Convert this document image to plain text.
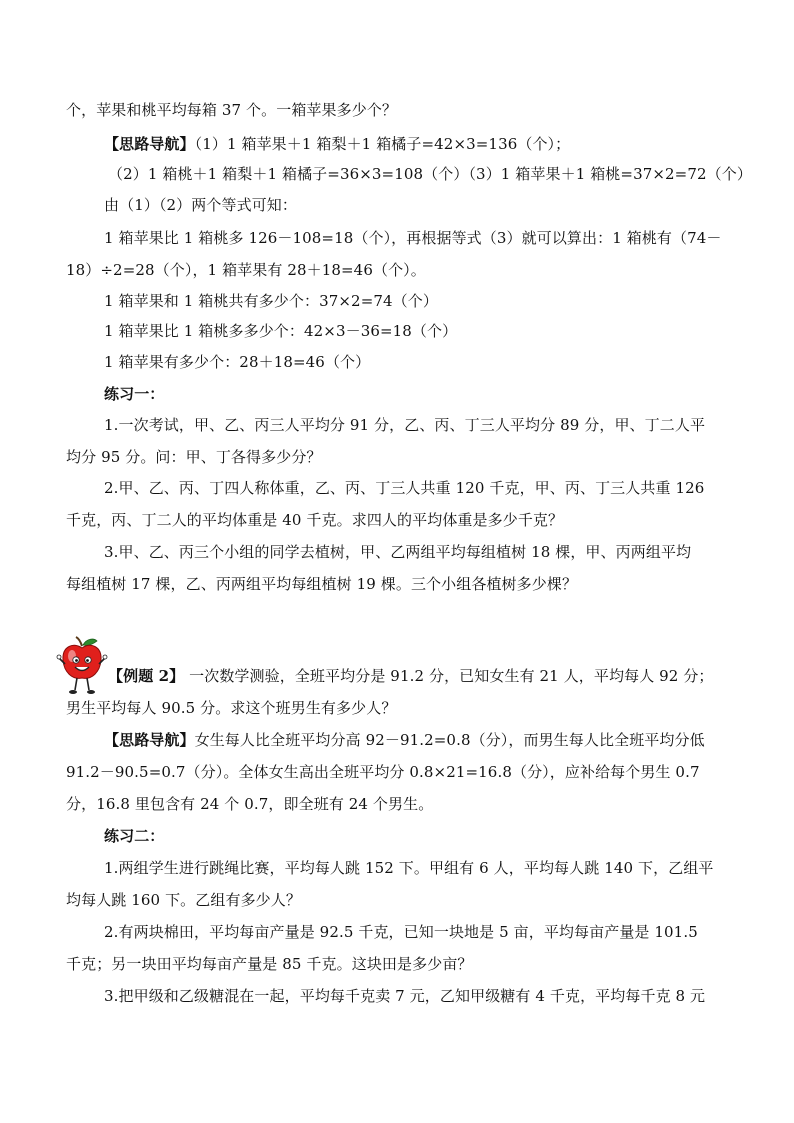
个，苹果和桃平均每箱 37 个。一箱苹果多少个？
【思路导航】（1）1 箱苹果＋1 箱梨＋1 箱橘子=42×3=136（个）；
（2）1 箱桃＋1 箱梨＋1 箱橘子=36×3=108（个）（3）1 箱苹果＋1 箱桃=37×2=72（个）
由（1）（2）两个等式可知：
1 箱苹果比 1 箱桃多 126－108=18（个），再根据等式（3）就可以算出：1 箱桃有（74－
18）÷2=28（个），1 箱苹果有 28＋18=46（个）。
1 箱苹果和 1 箱桃共有多少个：37×2=74（个）
1 箱苹果比 1 箱桃多多少个：42×3－36=18（个）
1 箱苹果有多少个：28＋18=46（个）
练习一：
1.一次考试，甲、乙、丙三人平均分 91 分，乙、丙、丁三人平均分 89 分，甲、丁二人平
均分 95 分。问：甲、丁各得多少分？
2.甲、乙、丙、丁四人称体重，乙、丙、丁三人共重 120 千克，甲、丙、丁三人共重 126
千克，丙、丁二人的平均体重是 40 千克。求四人的平均体重是多少千克？
3.甲、乙、丙三个小组的同学去植树，甲、乙两组平均每组植树 18 棵，甲、丙两组平均
每组植树 17 棵，乙、丙两组平均每组植树 19 棵。三个小组各植树多少棵？
【例题 2】 一次数学测验，全班平均分是 91.2 分，已知女生有 21 人，平均每人 92 分；
男生平均每人 90.5 分。求这个班男生有多少人？
【思路导航】女生每人比全班平均分高 92－91.2=0.8（分），而男生每人比全班平均分低
91.2－90.5=0.7（分）。全体女生高出全班平均分 0.8×21=16.8（分），应补给每个男生 0.7
分，16.8 里包含有 24 个 0.7，即全班有 24 个男生。
练习二：
1.两组学生进行跳绳比赛，平均每人跳 152 下。甲组有 6 人，平均每人跳 140 下，乙组平
均每人跳 160 下。乙组有多少人？
2.有两块棉田，平均每亩产量是 92.5 千克，已知一块地是 5 亩，平均每亩产量是 101.5
千克；另一块田平均每亩产量是 85 千克。这块田是多少亩？
3.把甲级和乙级糖混在一起，平均每千克卖 7 元，乙知甲级糖有 4 千克，平均每千克 8 元
